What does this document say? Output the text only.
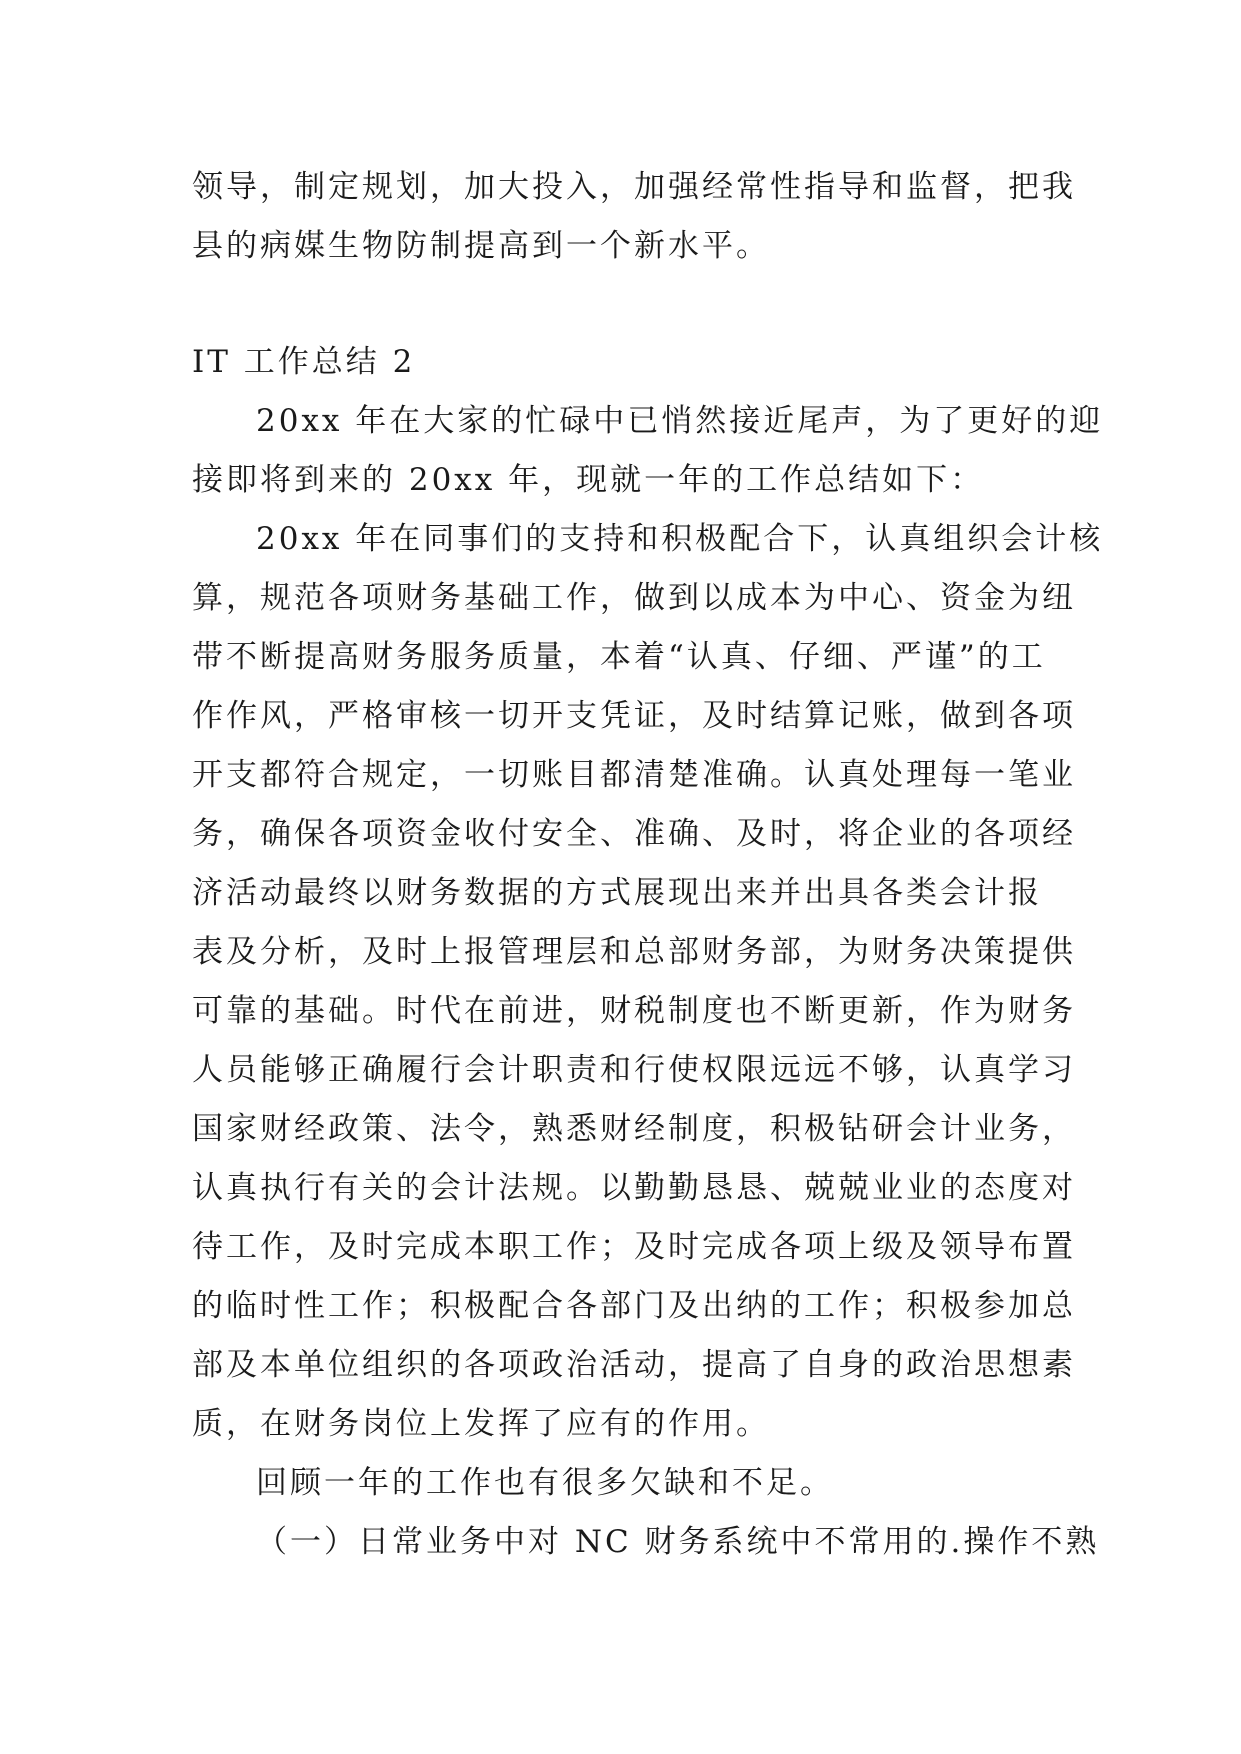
领导，制定规划，加大投入，加强经常性指导和监督，把我
县的病媒生物防制提高到一个新水平。
IT 工作总结 2
20xx 年在大家的忙碌中已悄然接近尾声，为了更好的迎
接即将到来的 20xx 年，现就一年的工作总结如下：
20xx 年在同事们的支持和积极配合下，认真组织会计核
算，规范各项财务基础工作，做到以成本为中心、资金为纽
带不断提高财务服务质量，本着“认真、仔细、严谨”的工
作作风，严格审核一切开支凭证，及时结算记账，做到各项
开支都符合规定，一切账目都清楚准确。认真处理每一笔业
务，确保各项资金收付安全、准确、及时，将企业的各项经
济活动最终以财务数据的方式展现出来并出具各类会计报
表及分析，及时上报管理层和总部财务部，为财务决策提供
可靠的基础。时代在前进，财税制度也不断更新，作为财务
人员能够正确履行会计职责和行使权限远远不够，认真学习
国家财经政策、法令，熟悉财经制度，积极钻研会计业务，
认真执行有关的会计法规。以勤勤恳恳、兢兢业业的态度对
待工作，及时完成本职工作；及时完成各项上级及领导布置
的临时性工作；积极配合各部门及出纳的工作；积极参加总
部及本单位组织的各项政治活动，提高了自身的政治思想素
质，在财务岗位上发挥了应有的作用。
回顾一年的工作也有很多欠缺和不足。
（一）日常业务中对 NC 财务系统中不常用的.操作不熟
